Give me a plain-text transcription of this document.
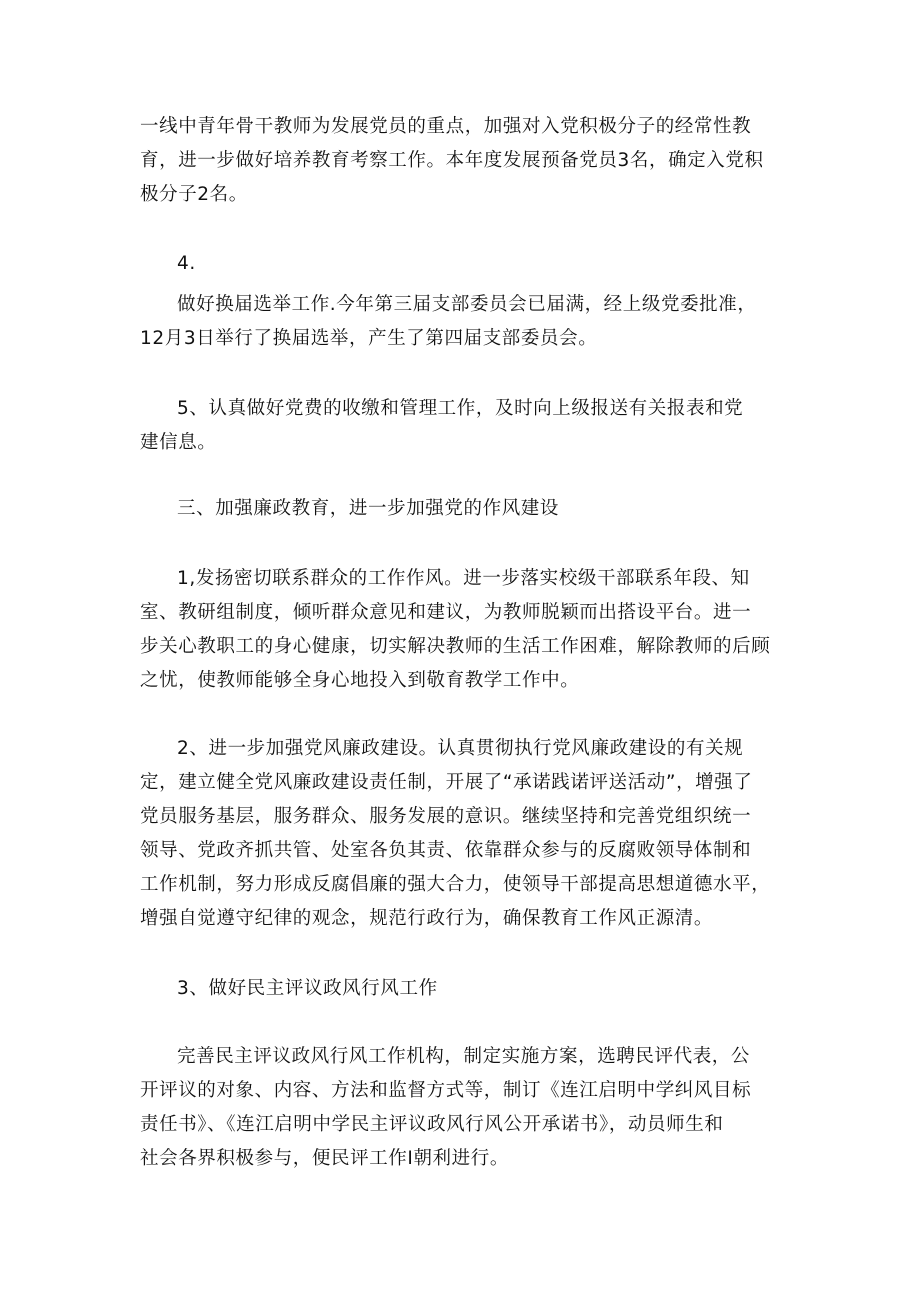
一线中青年骨干教师为发展党员的重点，加强对入党积极分子的经常性教
育，进一步做好培养教育考察工作。本年度发展预备党员3名，确定入党积
极分子2名。
4.
做好换届选举工作.今年第三届支部委员会已届满，经上级党委批准，
12月3日举行了换届选举，产生了第四届支部委员会。
5、认真做好党费的收缴和管理工作，及时向上级报送有关报表和党
建信息。
三、加强廉政教育，进一步加强党的作风建设
1,发扬密切联系群众的工作作风。进一步落实校级干部联系年段、知
室、教研组制度，倾听群众意见和建议，为教师脱颖而出搭设平台。进一
步关心教职工的身心健康，切实解决教师的生活工作困难，解除教师的后顾
之忧，使教师能够全身心地投入到敬育教学工作中。
2、进一步加强党风廉政建设。认真贯彻执行党风廉政建设的有关规
定，建立健全党风廉政建设责任制，开展了“承诺践诺评送活动”，增强了
党员服务基层，服务群众、服务发展的意识。继续坚持和完善党组织统一
领导、党政齐抓共管、处室各负其责、依靠群众参与的反腐败领导体制和
工作机制，努力形成反腐倡廉的强大合力，使领导干部提高思想道德水平，
增强自觉遵守纪律的观念，规范行政行为，确保教育工作风正源清。
3、做好民主评议政风行风工作
完善民主评议政风行风工作机构，制定实施方案，选聘民评代表，公
开评议的对象、内容、方法和监督方式等，制订《连江启明中学纠风目标
责任书》、《连江启明中学民主评议政风行风公开承诺书》，动员师生和
社会各界积极参与，便民评工作I朝利进行。
